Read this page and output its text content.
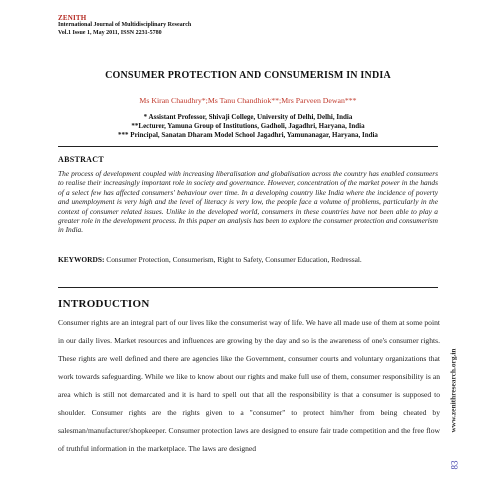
ZENITH
International Journal of Multidisciplinary Research
Vol.1 Issue 1, May 2011, ISSN 2231-5780
CONSUMER PROTECTION AND CONSUMERISM IN INDIA
Ms Kiran Chaudhry*;Ms Tanu Chandhiok**;Mrs Parveen Dewan***
* Assistant Professor, Shivaji College, University of Delhi, Delhi, India
**Lecturer, Yamuna Group of Institutions, Gadholi, Jagadhri, Haryana, India
*** Principal, Sanatan Dharam Model School Jagadhri, Yamunanagar, Haryana, India
ABSTRACT
The process of development coupled with increasing liberalisation and globalisation across the country has enabled consumers to realise their increasingly important role in society and governance. However, concentration of the market power in the hands of a select few has affected consumers' behaviour over time. In a developing country like India where the incidence of poverty and unemployment is very high and the level of literacy is very low, the people face a volume of problems, particularly in the context of consumer related issues. Unlike in the developed world, consumers in these countries have not been able to play a greater role in the development process. In this paper an analysis has been to explore the consumer protection and consumerism in India.
KEYWORDS: Consumer Protection, Consumerism, Right to Safety, Consumer Education, Redressal.
INTRODUCTION
Consumer rights are an integral part of our lives like the consumerist way of life. We have all made use of them at some point in our daily lives. Market resources and influences are growing by the day and so is the awareness of one's consumer rights. These rights are well defined and there are agencies like the Government, consumer courts and voluntary organizations that work towards safeguarding. While we like to know about our rights and make full use of them, consumer responsibility is an area which is still not demarcated and it is hard to spell out that all the responsibility is that a consumer is supposed to shoulder. Consumer rights are the rights given to a "consumer" to protect him/her from being cheated by salesman/manufacturer/shopkeeper. Consumer protection laws are designed to ensure fair trade competition and the free flow of truthful information in the marketplace. The laws are designed
www.zenithresearch.org.in
83
